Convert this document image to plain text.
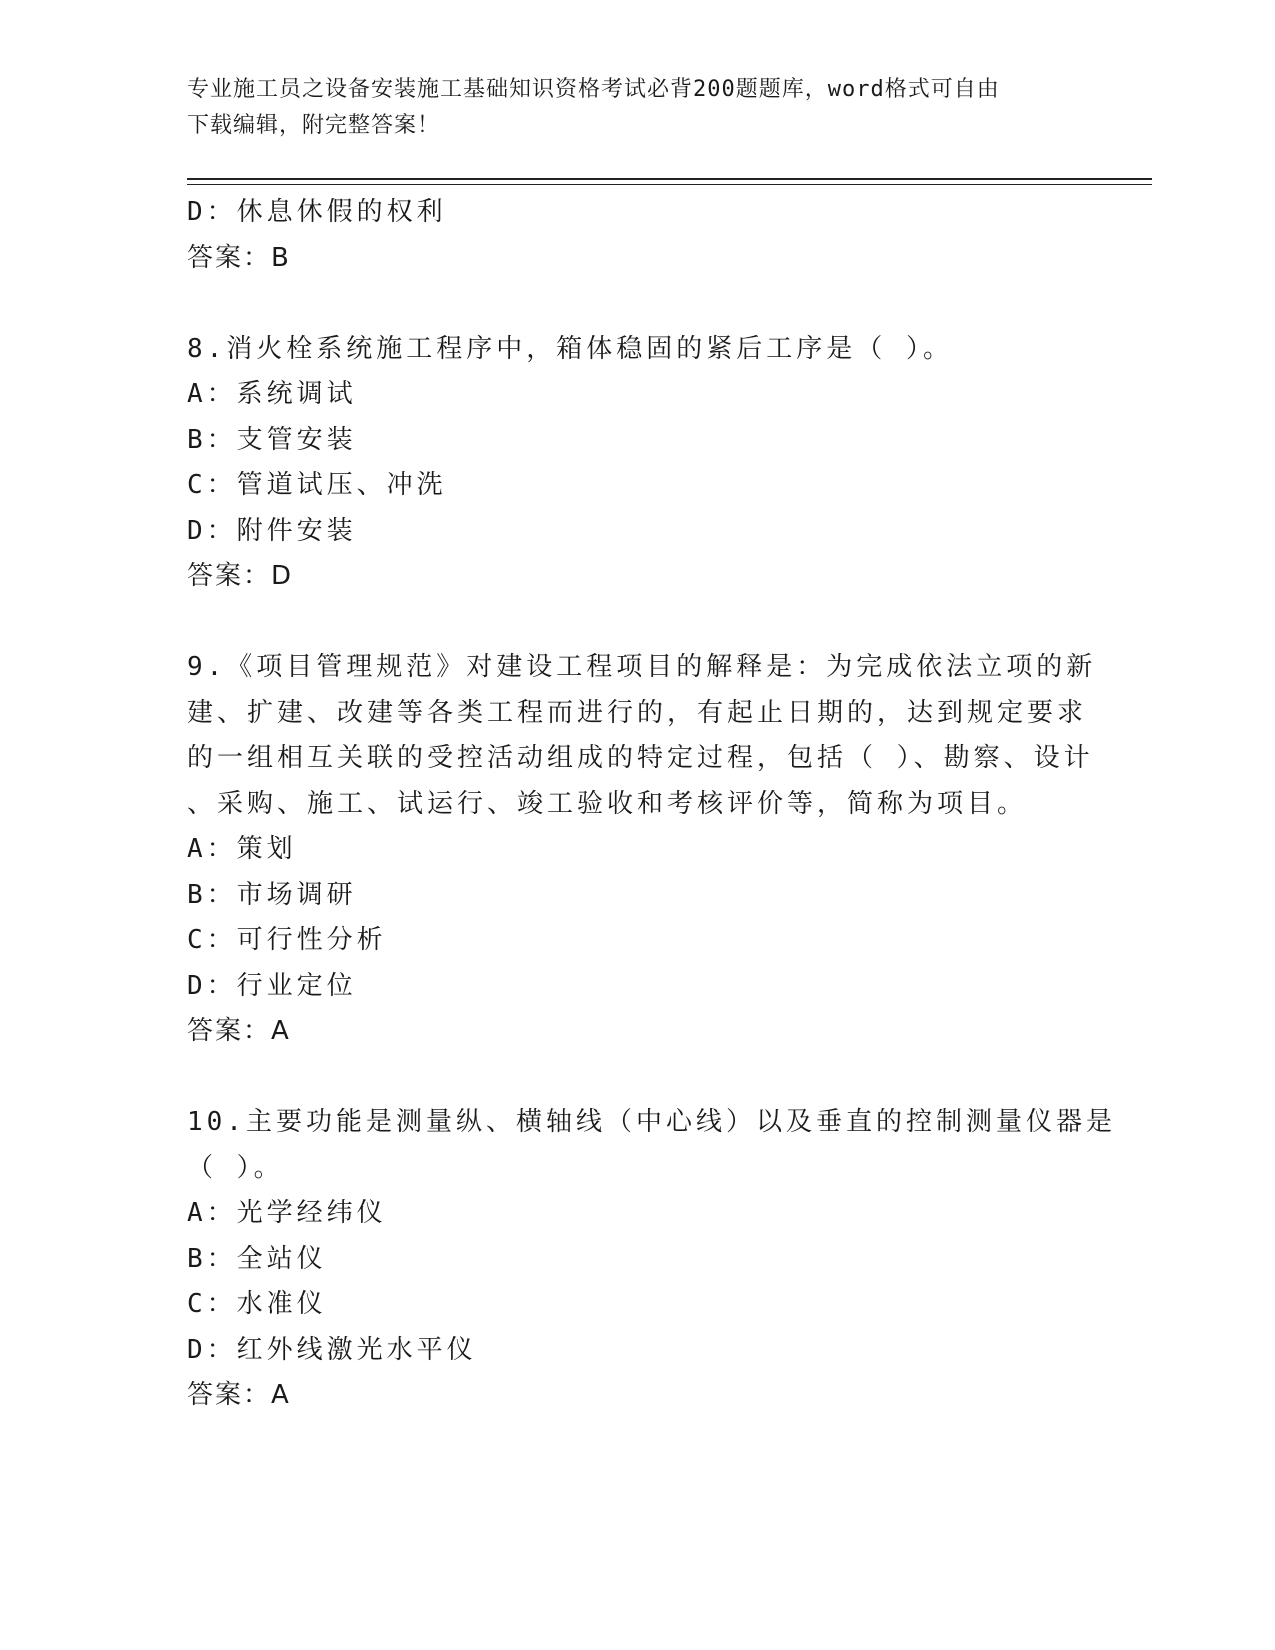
专业施工员之设备安装施工基础知识资格考试必背200题题库，word格式可自由
下载编辑，附完整答案！
D：休息休假的权利
答案：B
8.消火栓系统施工程序中，箱体稳固的紧后工序是（ ）。
A：系统调试
B：支管安装
C：管道试压、冲洗
D：附件安装
答案：D
9.《项目管理规范》对建设工程项目的解释是：为完成依法立项的新
建、扩建、改建等各类工程而进行的，有起止日期的，达到规定要求
的一组相互关联的受控活动组成的特定过程，包括（ ）、勘察、设计
、采购、施工、试运行、竣工验收和考核评价等，简称为项目。
A：策划
B：市场调研
C：可行性分析
D：行业定位
答案：A
10.主要功能是测量纵、横轴线（中心线）以及垂直的控制测量仪器是
（ ）。
A：光学经纬仪
B：全站仪
C：水准仪
D：红外线激光水平仪
答案：A
